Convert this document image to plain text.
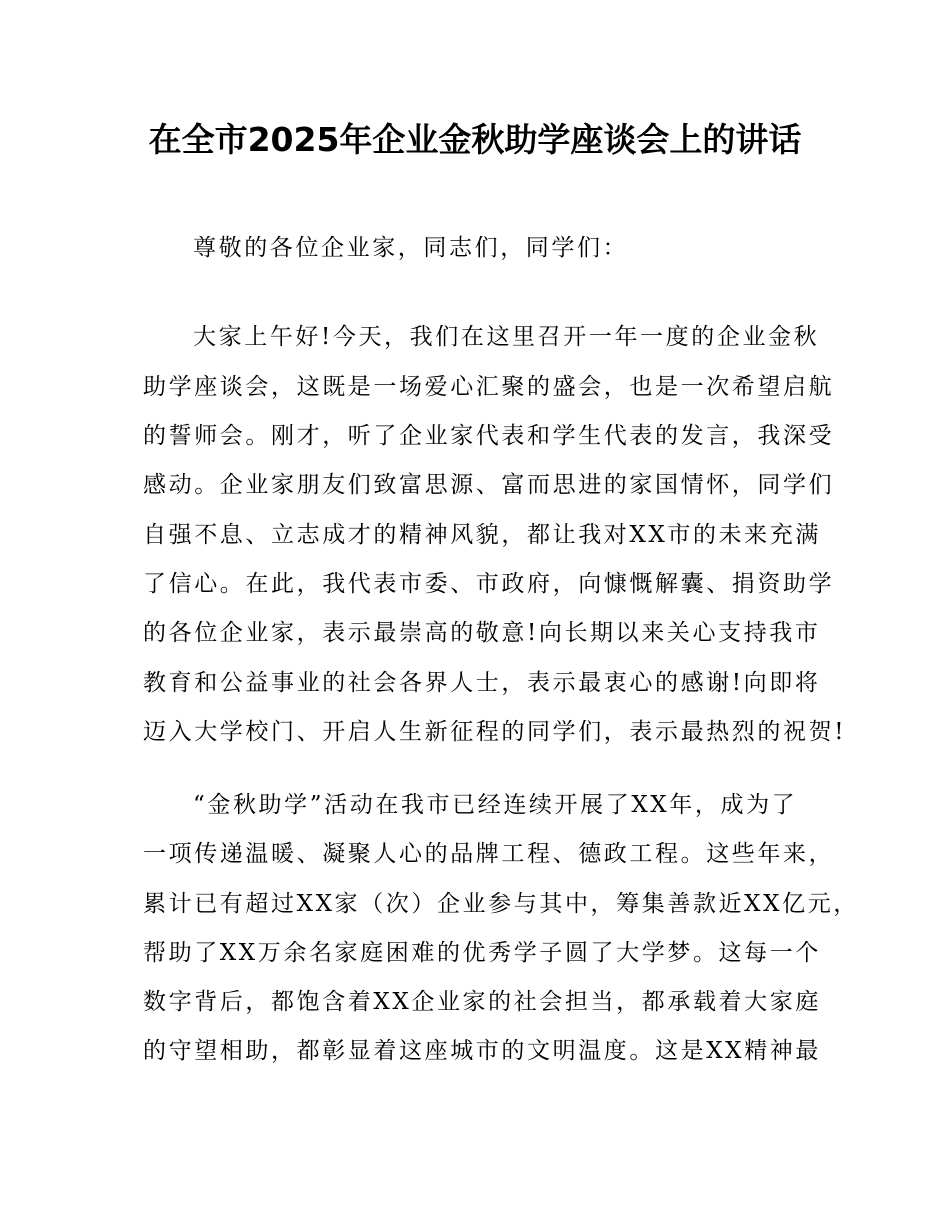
在全市2025年企业金秋助学座谈会上的讲话
尊敬的各位企业家，同志们，同学们：
大家上午好!今天，我们在这里召开一年一度的企业金秋
助学座谈会，这既是一场爱心汇聚的盛会，也是一次希望启航
的誓师会。刚才，听了企业家代表和学生代表的发言，我深受
感动。企业家朋友们致富思源、富而思进的家国情怀，同学们
自强不息、立志成才的精神风貌，都让我对XX市的未来充满
了信心。在此，我代表市委、市政府，向慷慨解囊、捐资助学
的各位企业家，表示最崇高的敬意!向长期以来关心支持我市
教育和公益事业的社会各界人士，表示最衷心的感谢!向即将
迈入大学校门、开启人生新征程的同学们，表示最热烈的祝贺!
“金秋助学”活动在我市已经连续开展了XX年，成为了
一项传递温暖、凝聚人心的品牌工程、德政工程。这些年来，
累计已有超过XX家（次）企业参与其中，筹集善款近XX亿元，
帮助了XX万余名家庭困难的优秀学子圆了大学梦。这每一个
数字背后，都饱含着XX企业家的社会担当，都承载着大家庭
的守望相助，都彰显着这座城市的文明温度。这是XX精神最
